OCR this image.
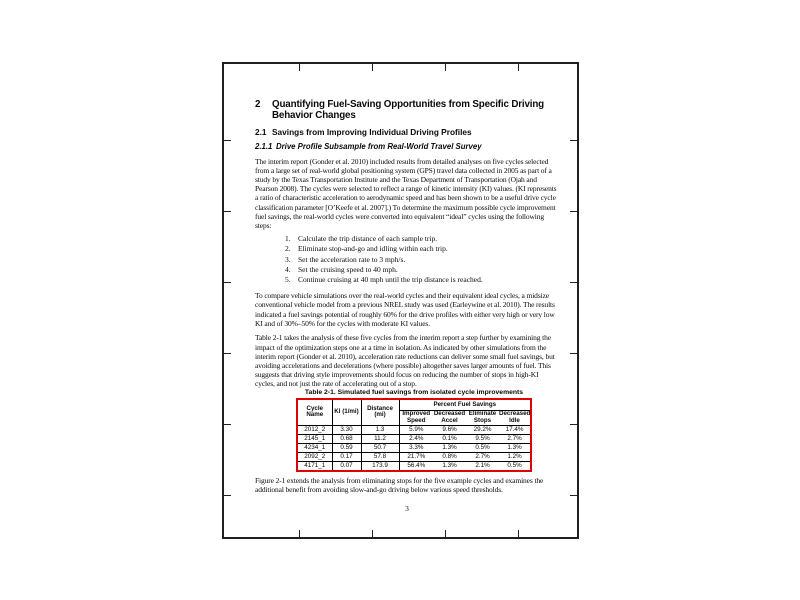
2	Quantifying Fuel-Saving Opportunities from Specific Driving Behavior Changes
2.1 Savings from Improving Individual Driving Profiles
2.1.1 Drive Profile Subsample from Real-World Travel Survey
The interim report (Gonder et al. 2010) included results from detailed analyses on five cycles selected from a large set of real-world global positioning system (GPS) travel data collected in 2005 as part of a study by the Texas Transportation Institute and the Texas Department of Transportation (Ojah and Pearson 2008). The cycles were selected to reflect a range of kinetic intensity (KI) values. (KI represents a ratio of characteristic acceleration to aerodynamic speed and has been shown to be a useful drive cycle classification parameter [O’Keefe et al. 2007].) To determine the maximum possible cycle improvement fuel savings, the real-world cycles were converted into equivalent “ideal” cycles using the following steps:
1. Calculate the trip distance of each sample trip.
2. Eliminate stop-and-go and idling within each trip.
3. Set the acceleration rate to 3 mph/s.
4. Set the cruising speed to 40 mph.
5. Continue cruising at 40 mph until the trip distance is reached.
To compare vehicle simulations over the real-world cycles and their equivalent ideal cycles, a midsize conventional vehicle model from a previous NREL study was used (Earleywine et al. 2010). The results indicated a fuel savings potential of roughly 60% for the drive profiles with either very high or very low KI and of 30%–50% for the cycles with moderate KI values.
Table 2-1 takes the analysis of these five cycles from the interim report a step further by examining the impact of the optimization steps one at a time in isolation. As indicated by other simulations from the interim report (Gonder et al. 2010), acceleration rate reductions can deliver some small fuel savings, but avoiding accelerations and decelerations (where possible) altogether saves larger amounts of fuel. This suggests that driving style improvements should focus on reducing the number of stops in high-KI cycles, and not just the rate of accelerating out of a stop.
Table 2-1. Simulated fuel savings from isolated cycle improvements
Cycle Name	KI (1/mi)	Distance (mi)	Percent Fuel Savings			
			Improved Speed	Decreased Accel	Eliminate Stops	Decreased Idle
2012_2	3.30	1.3	5.9%	9.6%	29.2%	17.4%
2145_1	0.68	11.2	2.4%	0.1%	9.5%	2.7%
4234_1	0.59	50.7	3.3%	1.3%	0.5%	1.3%
2092_2	0.17	57.8	21.7%	0.8%	2.7%	1.2%
4171_1	0.07	173.9	56.4%	1.3%	2.1%	0.5%
Figure 2-1 extends the analysis from eliminating stops for the five example cycles and examines the additional benefit from avoiding slow-and-go driving below various speed thresholds.
3
